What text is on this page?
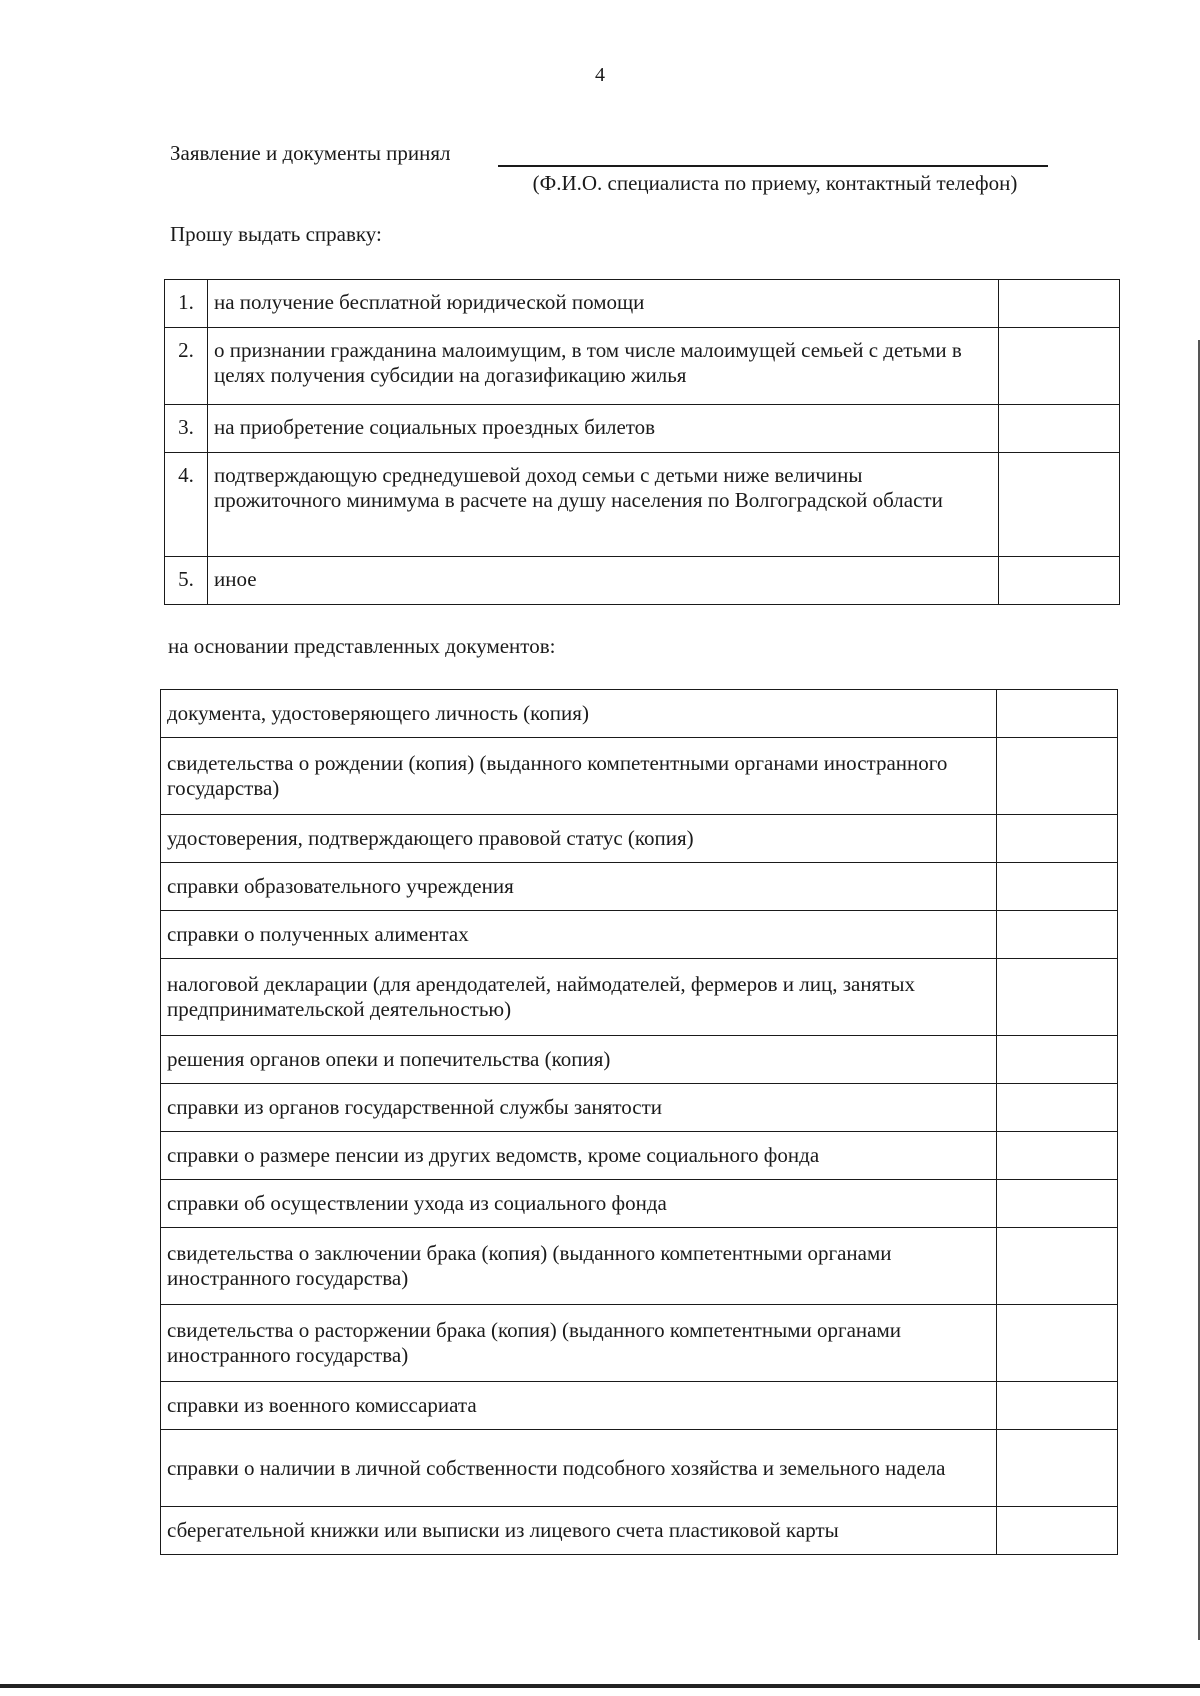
4
Заявление и документы принял
(Ф.И.О. специалиста по приему, контактный телефон)
Прошу выдать справку:
1.	на получение бесплатной юридической помощи	
2.	о признании гражданина малоимущим, в том числе малоимущей семьей с детьми в целях получения субсидии на догазификацию жилья	
3.	на приобретение социальных проездных билетов	
4.	подтверждающую среднедушевой доход семьи с детьми ниже величины прожиточного минимума в расчете на душу населения по Волгоградской области	
5.	иное	
на основании представленных документов:
документа, удостоверяющего личность (копия)	
свидетельства о рождении (копия) (выданного компетентными органами иностранного государства)	
удостоверения, подтверждающего правовой статус (копия)	
справки образовательного учреждения	
справки о полученных алиментах	
налоговой декларации (для арендодателей, наймодателей, фермеров и лиц, занятых предпринимательской деятельностью)	
решения органов опеки и попечительства (копия)	
справки из органов государственной службы занятости	
справки о размере пенсии из других ведомств, кроме социального фонда	
справки об осуществлении ухода из социального фонда	
свидетельства о заключении брака (копия) (выданного компетентными органами иностранного государства)	
свидетельства о расторжении брака (копия) (выданного компетентными органами иностранного государства)	
справки из военного комиссариата	
справки о наличии в личной собственности подсобного хозяйства и земельного надела	
сберегательной книжки или выписки из лицевого счета пластиковой карты	
